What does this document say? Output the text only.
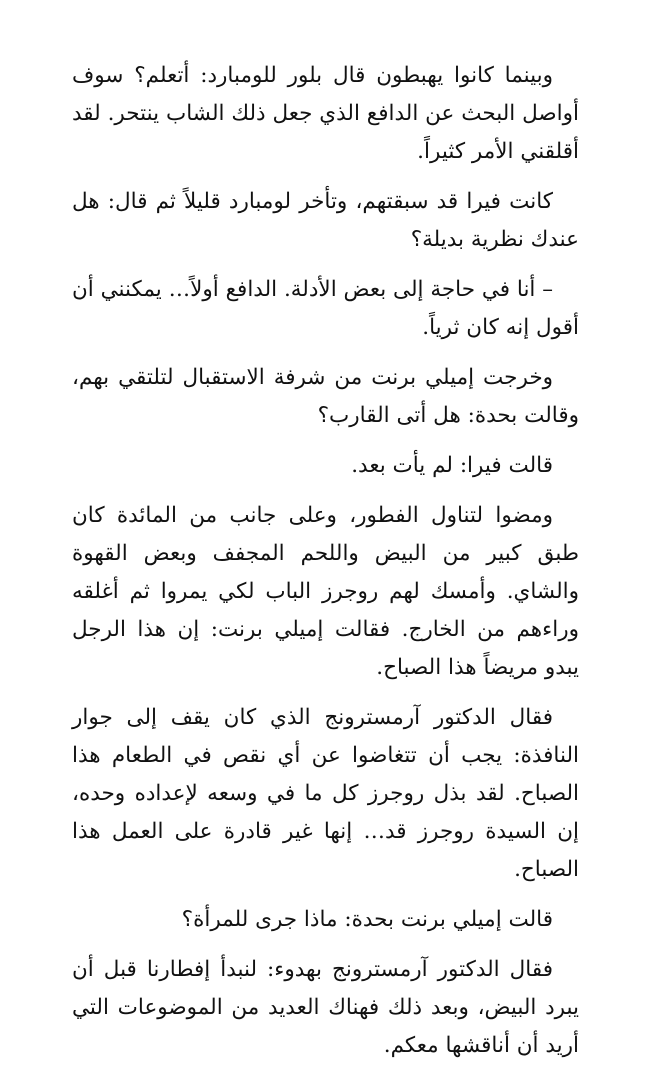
وبينما كانوا يهبطون قال بلور للومبارد: أتعلم؟ سوف أواصل البحث عن الدافع الذي جعل ذلك الشاب ينتحر. لقد أقلقني الأمر كثيراً.

كانت فيرا قد سبقتهم، وتأخر لومبارد قليلاً ثم قال: هل عندك نظرية بديلة؟

– أنا في حاجة إلى بعض الأدلة. الدافع أولاً… يمكنني أن أقول إنه كان ثرياً.

وخرجت إميلي برنت من شرفة الاستقبال لتلتقي بهم، وقالت بحدة: هل أتى القارب؟

قالت فيرا: لم يأت بعد.

ومضوا لتناول الفطور، وعلى جانب من المائدة كان طبق كبير من البيض واللحم المجفف وبعض القهوة والشاي. وأمسك لهم روجرز الباب لكي يمروا ثم أغلقه وراءهم من الخارج. فقالت إميلي برنت: إن هذا الرجل يبدو مريضاً هذا الصباح.

فقال الدكتور آرمسترونج الذي كان يقف إلى جوار النافذة: يجب أن تتغاضوا عن أي نقص في الطعام هذا الصباح. لقد بذل روجرز كل ما في وسعه لإعداده وحده، إن السيدة روجرز قد… إنها غير قادرة على العمل هذا الصباح.

قالت إميلي برنت بحدة: ماذا جرى للمرأة؟

فقال الدكتور آرمسترونج بهدوء: لنبدأ إفطارنا قبل أن يبرد البيض، وبعد ذلك فهناك العديد من الموضوعات التي أريد أن أناقشها معكم.
